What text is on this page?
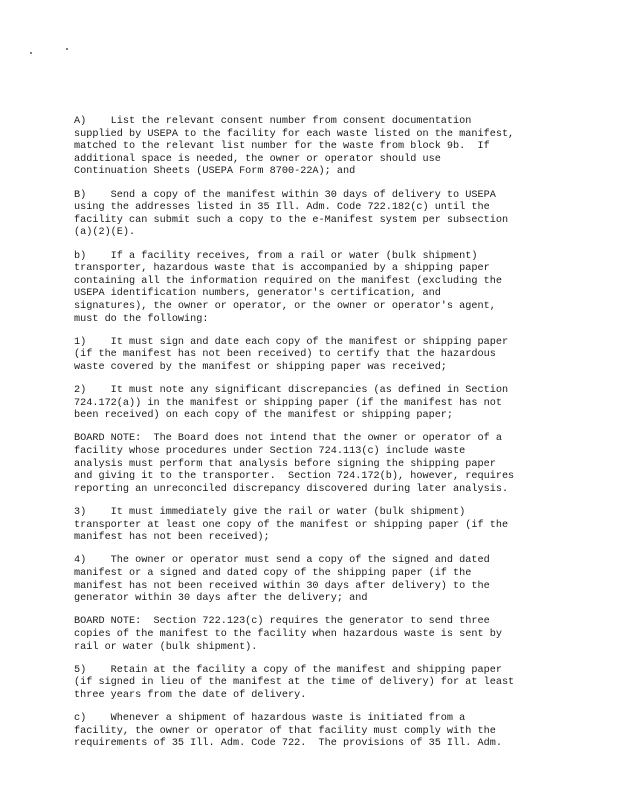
A)    List the relevant consent number from consent documentation
supplied by USEPA to the facility for each waste listed on the manifest,
matched to the relevant list number for the waste from block 9b.  If
additional space is needed, the owner or operator should use
Continuation Sheets (USEPA Form 8700-22A); and

B)    Send a copy of the manifest within 30 days of delivery to USEPA
using the addresses listed in 35 Ill. Adm. Code 722.182(c) until the
facility can submit such a copy to the e-Manifest system per subsection
(a)(2)(E).

b)    If a facility receives, from a rail or water (bulk shipment)
transporter, hazardous waste that is accompanied by a shipping paper
containing all the information required on the manifest (excluding the
USEPA identification numbers, generator's certification, and
signatures), the owner or operator, or the owner or operator's agent,
must do the following:

1)    It must sign and date each copy of the manifest or shipping paper
(if the manifest has not been received) to certify that the hazardous
waste covered by the manifest or shipping paper was received;

2)    It must note any significant discrepancies (as defined in Section
724.172(a)) in the manifest or shipping paper (if the manifest has not
been received) on each copy of the manifest or shipping paper;

BOARD NOTE:  The Board does not intend that the owner or operator of a
facility whose procedures under Section 724.113(c) include waste
analysis must perform that analysis before signing the shipping paper
and giving it to the transporter.  Section 724.172(b), however, requires
reporting an unreconciled discrepancy discovered during later analysis.

3)    It must immediately give the rail or water (bulk shipment)
transporter at least one copy of the manifest or shipping paper (if the
manifest has not been received);

4)    The owner or operator must send a copy of the signed and dated
manifest or a signed and dated copy of the shipping paper (if the
manifest has not been received within 30 days after delivery) to the
generator within 30 days after the delivery; and

BOARD NOTE:  Section 722.123(c) requires the generator to send three
copies of the manifest to the facility when hazardous waste is sent by
rail or water (bulk shipment).

5)    Retain at the facility a copy of the manifest and shipping paper
(if signed in lieu of the manifest at the time of delivery) for at least
three years from the date of delivery.

c)    Whenever a shipment of hazardous waste is initiated from a
facility, the owner or operator of that facility must comply with the
requirements of 35 Ill. Adm. Code 722.  The provisions of 35 Ill. Adm.
